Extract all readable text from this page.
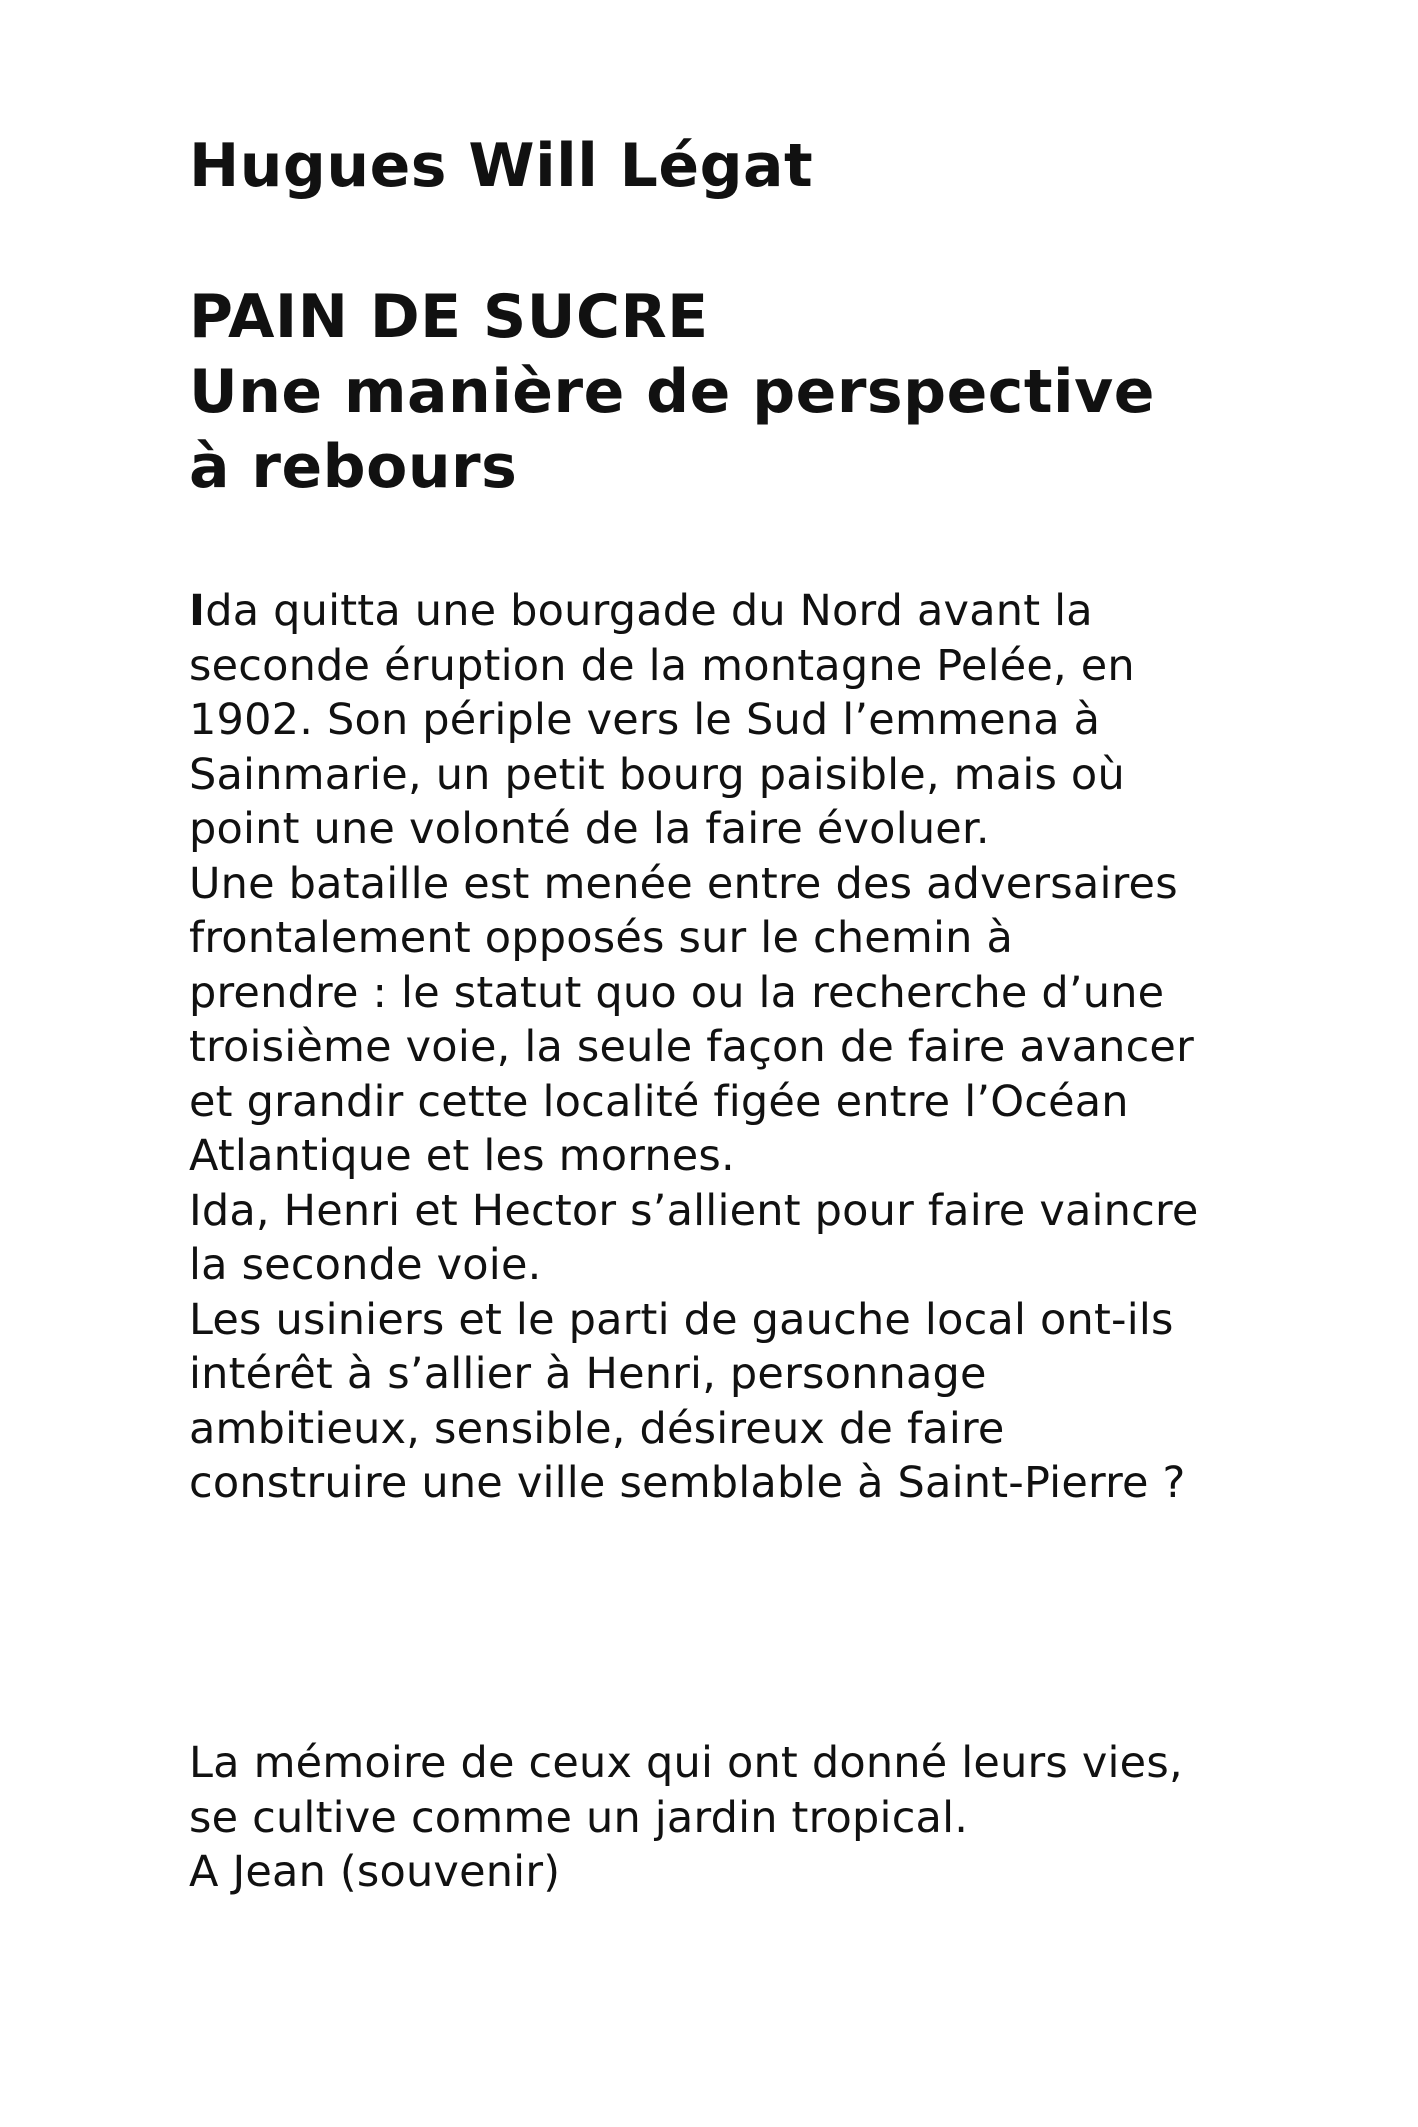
Hugues Will Légat
PAIN DE SUCRE
Une manière de perspective
à rebours
Ida quitta une bourgade du Nord avant la
seconde éruption de la montagne Pelée, en
1902. Son périple vers le Sud l’emmena à
Sainmarie, un petit bourg paisible, mais où
point une volonté de la faire évoluer.
Une bataille est menée entre des adversaires
frontalement opposés sur le chemin à
prendre : le statut quo ou la recherche d’une
troisième voie, la seule façon de faire avancer
et grandir cette localité figée entre l’Océan
Atlantique et les mornes.
Ida, Henri et Hector s’allient pour faire vaincre
la seconde voie.
Les usiniers et le parti de gauche local ont-ils
intérêt à s’allier à Henri, personnage
ambitieux, sensible, désireux de faire
construire une ville semblable à Saint-Pierre ?
La mémoire de ceux qui ont donné leurs vies,
se cultive comme un jardin tropical.
A Jean (souvenir)
